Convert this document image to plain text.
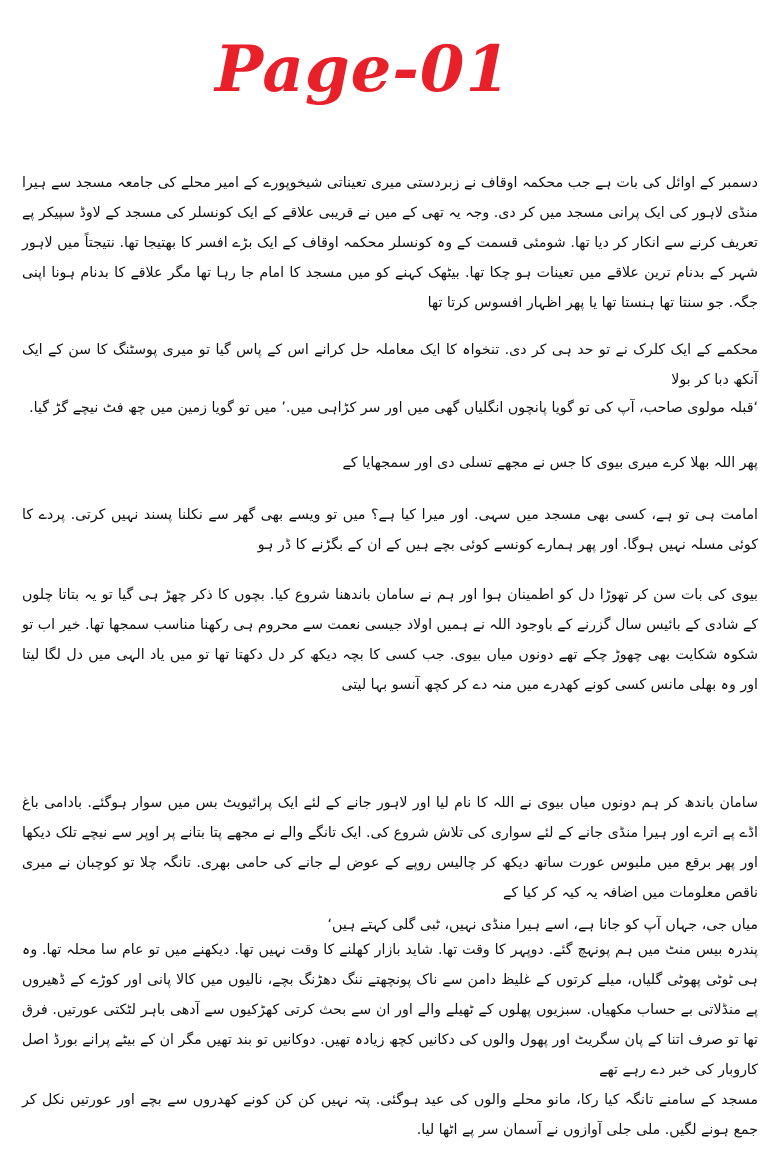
Page-01

دسمبر کے اوائل کی بات ہے جب محکمہ اوقاف نے زبردستی میری تعیناتی شیخوپورے کے امیر محلے کی جامعہ مسجد سے ہیرا منڈی لاہور کی ایک پرانی مسجد میں کر دی. وجہ یہ تھی کے میں نے قریبی علاقے کے ایک کونسلر کی مسجد کے لاوڈ سپیکر پے تعریف کرنے سے انکار کر دیا تھا. شومئی قسمت کے وہ کونسلر محکمہ اوقاف کے ایک بڑے افسر کا بھتیجا تھا. نتیجتاً میں لاہور شہر کے بدنام ترین علاقے میں تعینات ہو چکا تھا. بیٹھک کہنے کو میں مسجد کا امام جا رہا تھا مگر علاقے کا بدنام ہونا اپنی جگہ. جو سنتا تھا ہنستا تھا یا پھر اظہار افسوس کرتا تھا

محکمے کے ایک کلرک نے تو حد ہی کر دی. تنخواہ کا ایک معاملہ حل کرانے اس کے پاس گیا تو میری پوسٹنگ کا سن کے ایک آنکھ دبا کر بولا

‘قبلہ مولوی صاحب، آپ کی تو گویا پانچوں انگلیاں گھی میں اور سر کڑاہی میں.’ میں تو گویا زمین میں چھ فٹ نیچے گڑ گیا.

پھر اللہ بھلا کرے میری بیوی کا جس نے مجھے تسلی دی اور سمجھایا کے

امامت ہی تو ہے، کسی بھی مسجد میں سہی. اور میرا کیا ہے؟ میں تو ویسے بھی گھر سے نکلنا پسند نہیں کرتی. پردے کا کوئی مسلہ نہیں ہوگا. اور پھر ہمارے کونسے کوئی بچے ہیں کے ان کے بگڑنے کا ڈر ہو

بیوی کی بات سن کر تھوڑا دل کو اطمینان ہوا اور ہم نے سامان باندھنا شروع کیا. بچوں کا ذکر چھڑ ہی گیا تو یہ بتاتا چلوں کے شادی کے بائیس سال گزرنے کے باوجود اللہ نے ہمیں اولاد جیسی نعمت سے محروم ہی رکھنا مناسب سمجھا تھا. خیر اب تو شکوہ شکایت بھی چھوڑ چکے تھے دونوں میاں بیوی. جب کسی کا بچہ دیکھ کر دل دکھتا تھا تو میں یاد الہی میں دل لگا لیتا اور وہ بھلی مانس کسی کونے کھدرے میں منہ دے کر کچھ آنسو بہا لیتی

سامان باندھ کر ہم دونوں میاں بیوی نے اللہ کا نام لیا اور لاہور جانے کے لئے ایک پرائیویٹ بس میں سوار ہوگئے. بادامی باغ اڈے پے اترے اور ہیرا منڈی جانے کے لئے سواری کی تلاش شروع کی. ایک تانگے والے نے مجھے پتا بتانے پر اوپر سے نیچے تلک دیکھا اور پھر برقع میں ملبوس عورت ساتھ دیکھ کر چالیس روپے کے عوض لے جانے کی حامی بھری. تانگہ چلا تو کوچبان نے میری ناقص معلومات میں اضافہ یہ کیہ کر کیا کے

میاں جی، جہاں آپ کو جانا ہے، اسے ہیرا منڈی نہیں، ٹبی گلی کہتے ہیں‘

پندرہ بیس منٹ میں ہم پونہچ گئے. دوپہر کا وقت تھا. شاید بازار کھلنے کا وقت نہیں تھا. دیکھنے میں تو عام سا محلہ تھا. وہ ہی ٹوٹی پھوٹی گلیاں، میلے کرتوں کے غلیظ دامن سے ناک پونچھتے ننگ دھڑنگ بچے، نالیوں میں کالا پانی اور کوڑے کے ڈھیروں پے منڈلاتی بے حساب مکھیاں. سبزیوں پھلوں کے ٹھیلے والے اور ان سے بحث کرتی کھڑکیوں سے آدھی باہر لٹکتی عورتیں. فرق تھا تو صرف اتنا کے پان سگریٹ اور پھول والوں کی دکانیں کچھ زیادہ تھیں. دوکانیں تو بند تھیں مگر ان کے بیٹے پرانے بورڈ اصل کاروبار کی خبر دے رہے تھے

مسجد کے سامنے تانگہ کیا رکا، مانو محلے والوں کی عید ہوگئی. پتہ نہیں کن کن کونے کھدروں سے بچے اور عورتیں نکل کر جمع ہونے لگیں. ملی جلی آوازوں نے آسمان سر پے اٹھا لیا.
